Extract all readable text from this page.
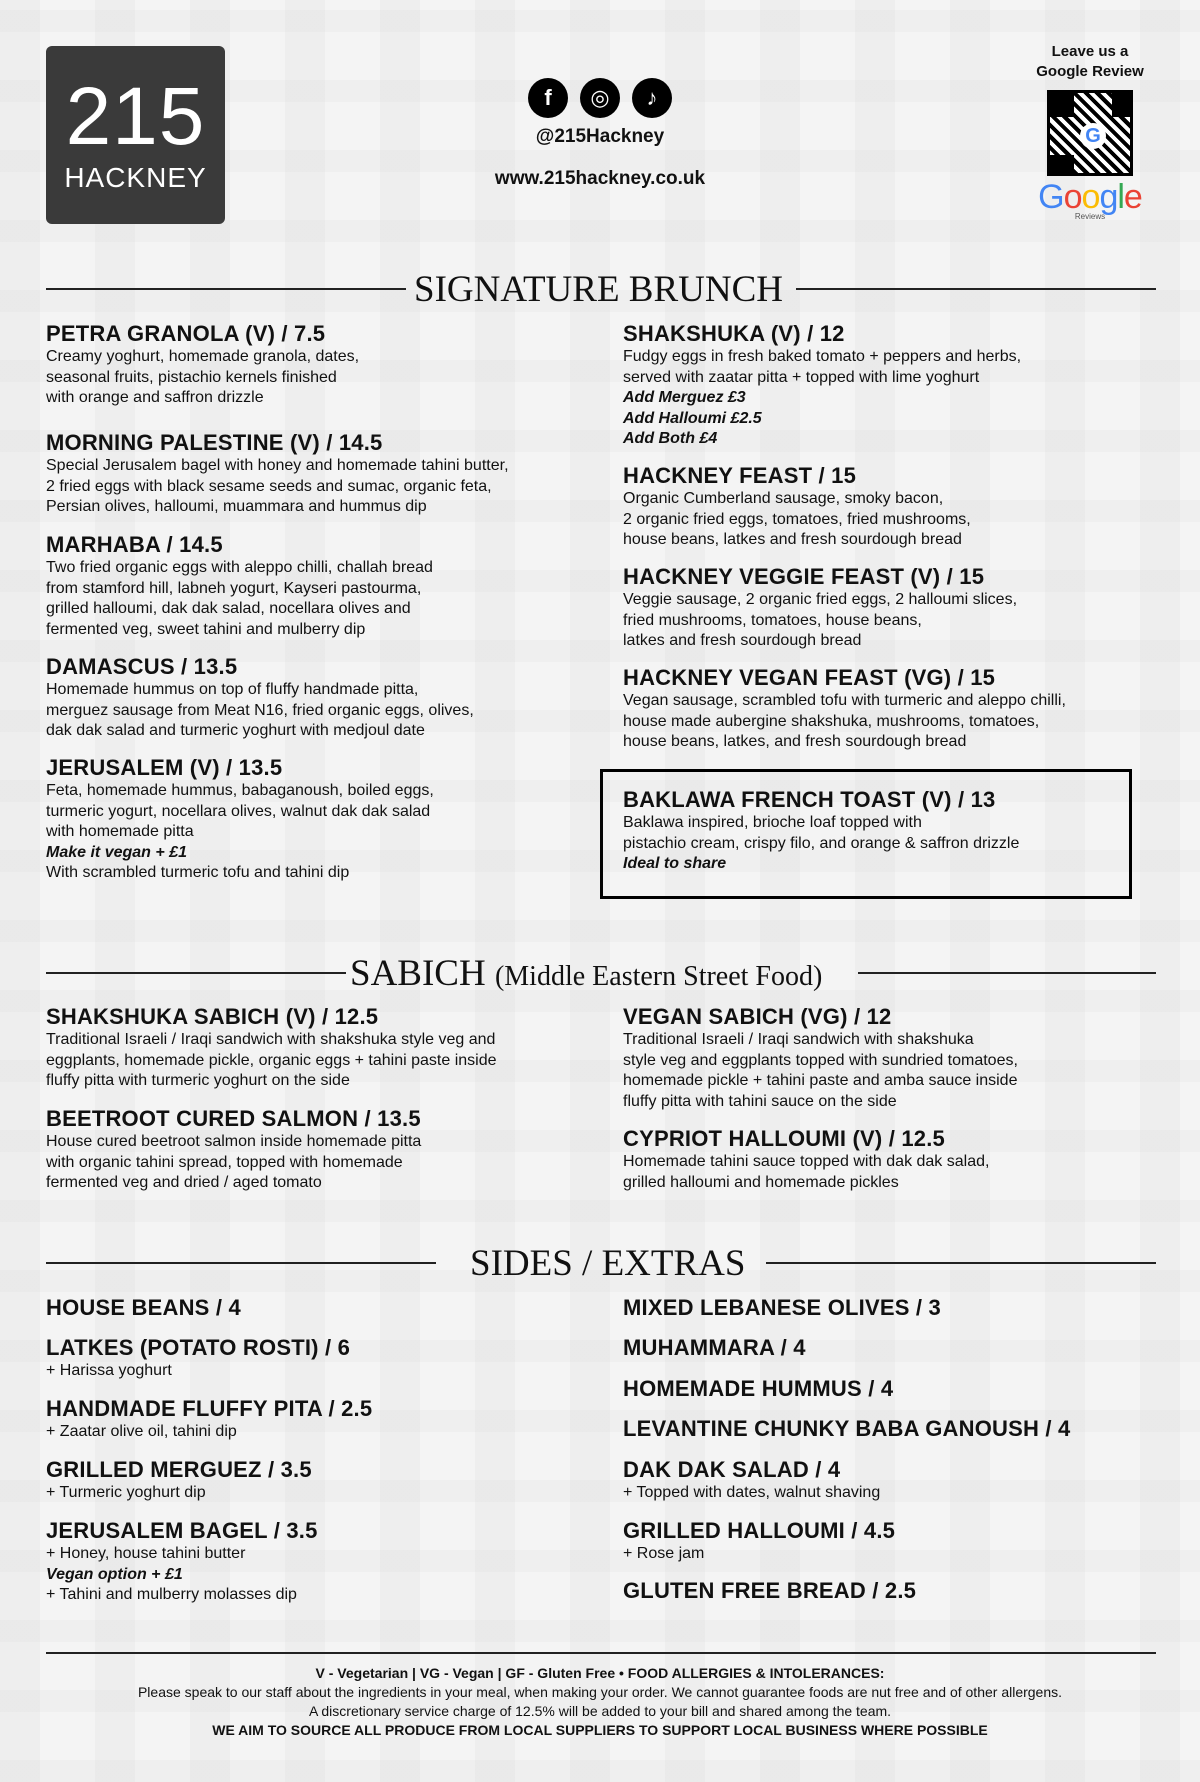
215
HACKNEY
f	◎	♪
@215Hackney
www.215hackney.co.uk
Leave us a
Google Review
G
Google
Reviews
SIGNATURE BRUNCH
PETRA GRANOLA (V) / 7.5
Creamy yoghurt, homemade granola, dates,
seasonal fruits, pistachio kernels finished
with orange and saffron drizzle
MORNING PALESTINE (V) / 14.5
Special Jerusalem bagel with honey and homemade tahini butter,
2 fried eggs with black sesame seeds and sumac, organic feta,
Persian olives, halloumi, muammara and hummus dip
MARHABA / 14.5
Two fried organic eggs with aleppo chilli, challah bread
from stamford hill, labneh yogurt, Kayseri pastourma,
grilled halloumi, dak dak salad, nocellara olives and
fermented veg, sweet tahini and mulberry dip
DAMASCUS / 13.5
Homemade hummus on top of fluffy handmade pitta,
merguez sausage from Meat N16, fried organic eggs, olives,
dak dak salad and turmeric yoghurt with medjoul date
JERUSALEM (V) / 13.5
Feta, homemade hummus, babaganoush, boiled eggs,
turmeric yogurt, nocellara olives, walnut dak dak salad
with homemade pitta
Make it vegan + £1
With scrambled turmeric tofu and tahini dip
SHAKSHUKA (V) / 12
Fudgy eggs in fresh baked tomato + peppers and herbs,
served with zaatar pitta + topped with lime yoghurt
Add Merguez £3
Add Halloumi £2.5
Add Both £4
HACKNEY FEAST / 15
Organic Cumberland sausage, smoky bacon,
2 organic fried eggs, tomatoes, fried mushrooms,
house beans, latkes and fresh sourdough bread
HACKNEY VEGGIE FEAST (V) / 15
Veggie sausage, 2 organic fried eggs, 2 halloumi slices,
fried mushrooms, tomatoes, house beans,
latkes and fresh sourdough bread
HACKNEY VEGAN FEAST (VG) / 15
Vegan sausage, scrambled tofu with turmeric and aleppo chilli,
house made aubergine shakshuka, mushrooms, tomatoes,
house beans, latkes, and fresh sourdough bread
BAKLAWA FRENCH TOAST (V) / 13
Baklawa inspired, brioche loaf topped with
pistachio cream, crispy filo, and orange & saffron drizzle
Ideal to share
SABICH (Middle Eastern Street Food)
SHAKSHUKA SABICH (V) / 12.5
Traditional Israeli / Iraqi sandwich with shakshuka style veg and
eggplants, homemade pickle, organic eggs + tahini paste inside
fluffy pitta with turmeric yoghurt on the side
BEETROOT CURED SALMON / 13.5
House cured beetroot salmon inside homemade pitta
with organic tahini spread, topped with homemade
fermented veg and dried / aged tomato
VEGAN SABICH (VG) / 12
Traditional Israeli / Iraqi sandwich with shakshuka
style veg and eggplants topped with sundried tomatoes,
homemade pickle + tahini paste and amba sauce inside
fluffy pitta with tahini sauce on the side
CYPRIOT HALLOUMI (V) / 12.5
Homemade tahini sauce topped with dak dak salad,
grilled halloumi and homemade pickles
SIDES / EXTRAS
HOUSE BEANS / 4
LATKES (POTATO ROSTI) / 6
+ Harissa yoghurt
HANDMADE FLUFFY PITA / 2.5
+ Zaatar olive oil, tahini dip
GRILLED MERGUEZ / 3.5
+ Turmeric yoghurt dip
JERUSALEM BAGEL / 3.5
+ Honey, house tahini butter
Vegan option + £1
+ Tahini and mulberry molasses dip
MIXED LEBANESE OLIVES / 3
MUHAMMARA / 4
HOMEMADE HUMMUS / 4
LEVANTINE CHUNKY BABA GANOUSH / 4
DAK DAK SALAD / 4
+ Topped with dates, walnut shaving
GRILLED HALLOUMI / 4.5
+ Rose jam
GLUTEN FREE BREAD / 2.5
V - Vegetarian | VG - Vegan | GF - Gluten Free • FOOD ALLERGIES & INTOLERANCES:
Please speak to our staff about the ingredients in your meal, when making your order. We cannot guarantee foods are nut free and of other allergens.
A discretionary service charge of 12.5% will be added to your bill and shared among the team.
WE AIM TO SOURCE ALL PRODUCE FROM LOCAL SUPPLIERS TO SUPPORT LOCAL BUSINESS WHERE POSSIBLE
